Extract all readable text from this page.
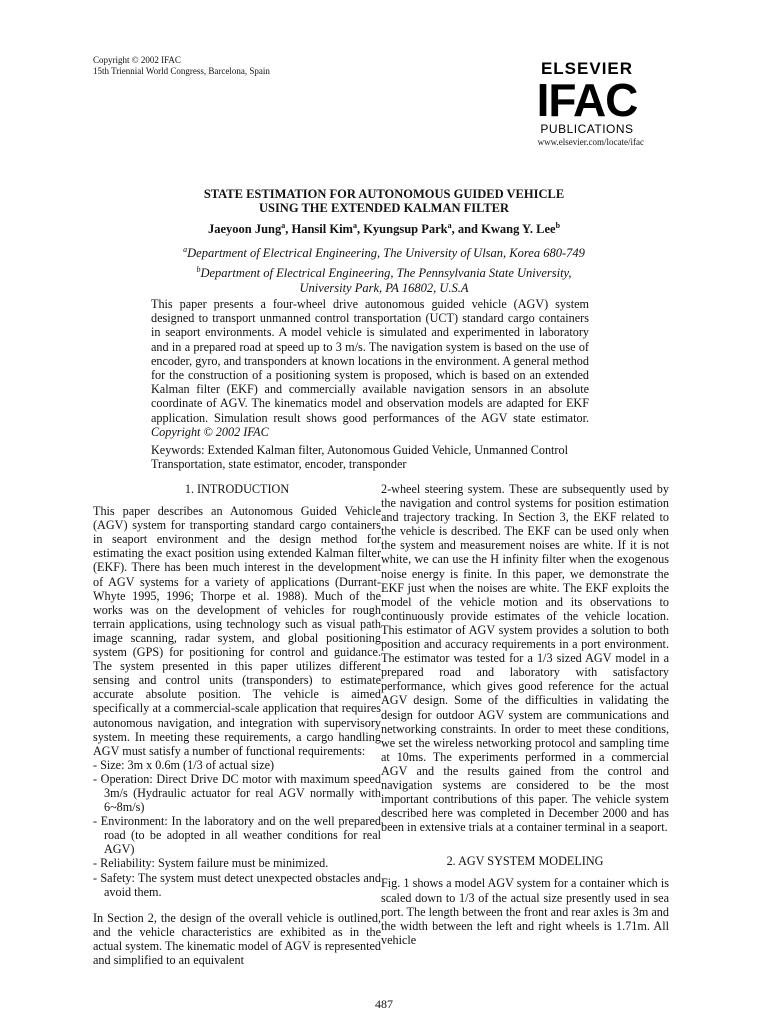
Copyright © 2002 IFAC
15th Triennial World Congress, Barcelona, Spain	ELSEVIER
IFAC
PUBLICATIONS
www.elsevier.com/locate/ifac
STATE ESTIMATION FOR AUTONOMOUS GUIDED VEHICLE
USING THE EXTENDED KALMAN FILTER
Jaeyoon Jung$^a$, Hansil Kim$^a$, Kyungsup Park$^a$, and Kwang Y. Lee$^b$
$^a$Department of Electrical Engineering, The University of Ulsan, Korea 680-749
$^b$Department of Electrical Engineering, The Pennsylvania State University,
University Park, PA 16802, U.S.A
This paper presents a four-wheel drive autonomous guided vehicle (AGV) system designed to transport unmanned control transportation (UCT) standard cargo containers in seaport environments. A model vehicle is simulated and experimented in laboratory and in a prepared road at speed up to 3 m/s. The navigation system is based on the use of encoder, gyro, and transponders at known locations in the environment. A general method for the construction of a positioning system is proposed, which is based on an extended Kalman filter (EKF) and commercially available navigation sensors in an absolute coordinate of AGV. The kinematics model and observation models are adapted for EKF application. Simulation result shows good performances of the AGV state estimator. Copyright © 2002 IFAC
Keywords: Extended Kalman filter, Autonomous Guided Vehicle, Unmanned Control Transportation, state estimator, encoder, transponder
1. INTRODUCTION

This paper describes an Autonomous Guided Vehicle (AGV) system for transporting standard cargo containers in seaport environment and the design method for estimating the exact position using extended Kalman filter (EKF). There has been much interest in the development of AGV systems for a variety of applications (Durrant-Whyte 1995, 1996; Thorpe et al. 1988). Much of the works was on the development of vehicles for rough terrain applications, using technology such as visual path image scanning, radar system, and global positioning system (GPS) for positioning for control and guidance. The system presented in this paper utilizes different sensing and control units (transponders) to estimate accurate absolute position. The vehicle is aimed specifically at a commercial-scale application that requires autonomous navigation, and integration with supervisory system. In meeting these requirements, a cargo handling AGV must satisfy a number of functional requirements:

- Size: 3m x 0.6m (1/3 of actual size)
- Operation: Direct Drive DC motor with maximum speed 3m/s (Hydraulic actuator for real AGV normally with 6~8m/s)
- Environment: In the laboratory and on the well prepared road (to be adopted in all weather conditions for real AGV)
- Reliability: System failure must be minimized.
- Safety: The system must detect unexpected obstacles and avoid them.

In Section 2, the design of the overall vehicle is outlined, and the vehicle characteristics are exhibited as in the actual system. The kinematic model of AGV is represented and simplified to an equivalent

2-wheel steering system. These are subsequently used by the navigation and control systems for position estimation and trajectory tracking. In Section 3, the EKF related to the vehicle is described. The EKF can be used only when the system and measurement noises are white. If it is not white, we can use the H infinity filter when the exogenous noise energy is finite. In this paper, we demonstrate the EKF just when the noises are white. The EKF exploits the model of the vehicle motion and its observations to continuously provide estimates of the vehicle location. This estimator of AGV system provides a solution to both position and accuracy requirements in a port environment. The estimator was tested for a 1/3 sized AGV model in a prepared road and laboratory with satisfactory performance, which gives good reference for the actual AGV design. Some of the difficulties in validating the design for outdoor AGV system are communications and networking constraints. In order to meet these conditions, we set the wireless networking protocol and sampling time at 10ms. The experiments performed in a commercial AGV and the results gained from the control and navigation systems are considered to be the most important contributions of this paper. The vehicle system described here was completed in December 2000 and has been in extensive trials at a container terminal in a seaport.

2. AGV SYSTEM MODELING

Fig. 1 shows a model AGV system for a container which is scaled down to 1/3 of the actual size presently used in sea port. The length between the front and rear axles is 3m and the width between the left and right wheels is 1.71m. All vehicle

487
